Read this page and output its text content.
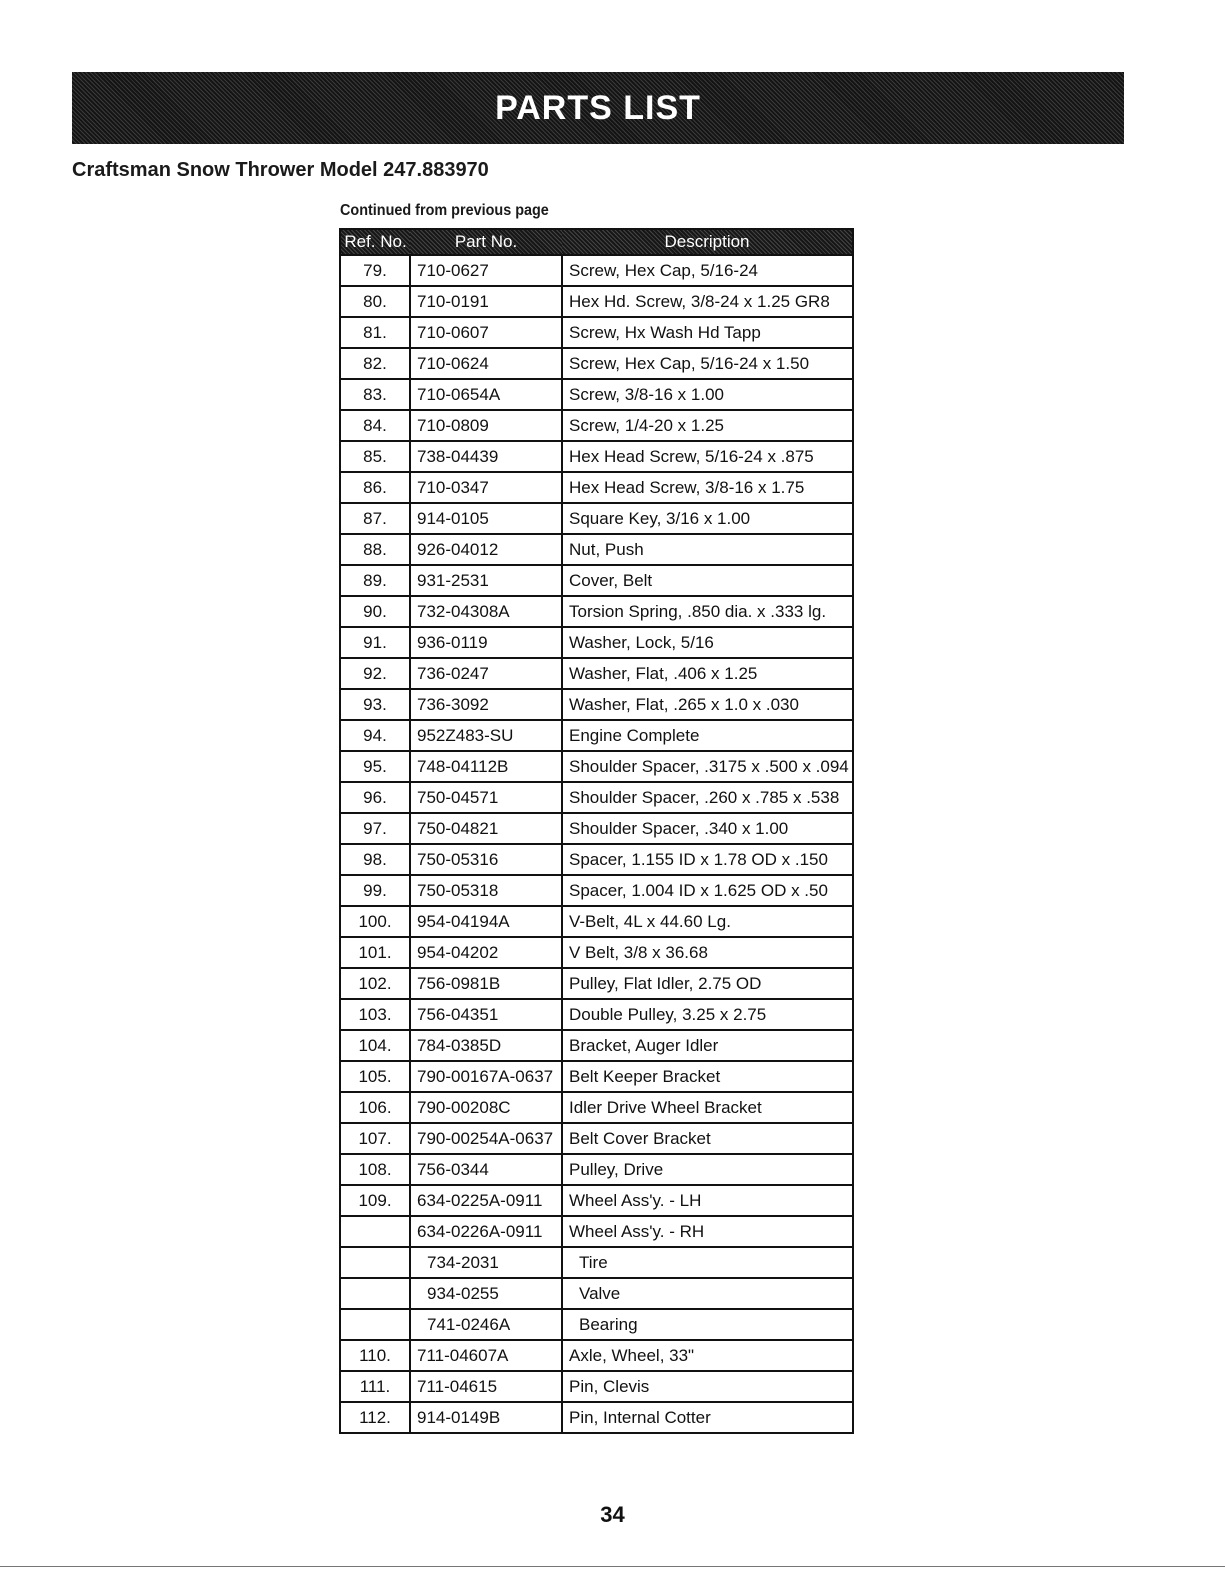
PARTS LIST
Craftsman Snow Thrower Model 247.883970
Continued from previous page
Ref. No.	Part No.	Description
79.	710-0627	Screw, Hex Cap, 5/16-24
80.	710-0191	Hex Hd. Screw, 3/8-24 x 1.25 GR8
81.	710-0607	Screw, Hx Wash Hd Tapp
82.	710-0624	Screw, Hex Cap, 5/16-24 x 1.50
83.	710-0654A	Screw, 3/8-16 x 1.00
84.	710-0809	Screw, 1/4-20 x 1.25
85.	738-04439	Hex Head Screw, 5/16-24 x .875
86.	710-0347	Hex Head Screw, 3/8-16 x 1.75
87.	914-0105	Square Key, 3/16 x 1.00
88.	926-04012	Nut, Push
89.	931-2531	Cover, Belt
90.	732-04308A	Torsion Spring, .850 dia. x .333 lg.
91.	936-0119	Washer, Lock, 5/16
92.	736-0247	Washer, Flat, .406 x 1.25
93.	736-3092	Washer, Flat, .265 x 1.0 x .030
94.	952Z483-SU	Engine Complete
95.	748-04112B	Shoulder Spacer, .3175 x .500 x .094
96.	750-04571	Shoulder Spacer, .260 x .785 x .538
97.	750-04821	Shoulder Spacer, .340 x 1.00
98.	750-05316	Spacer, 1.155 ID x 1.78 OD x .150
99.	750-05318	Spacer, 1.004 ID x 1.625 OD x .50
100.	954-04194A	V-Belt, 4L x 44.60 Lg.
101.	954-04202	V Belt, 3/8 x 36.68
102.	756-0981B	Pulley, Flat Idler, 2.75 OD
103.	756-04351	Double Pulley, 3.25 x 2.75
104.	784-0385D	Bracket, Auger Idler
105.	790-00167A-0637	Belt Keeper Bracket
106.	790-00208C	Idler Drive Wheel Bracket
107.	790-00254A-0637	Belt Cover Bracket
108.	756-0344	Pulley, Drive
109.	634-0225A-0911	Wheel Ass'y. - LH
	634-0226A-0911	Wheel Ass'y. - RH
	734-2031	Tire
	934-0255	Valve
	741-0246A	Bearing
110.	711-04607A	Axle, Wheel, 33"
111.	711-04615	Pin, Clevis
112.	914-0149B	Pin, Internal Cotter
34
